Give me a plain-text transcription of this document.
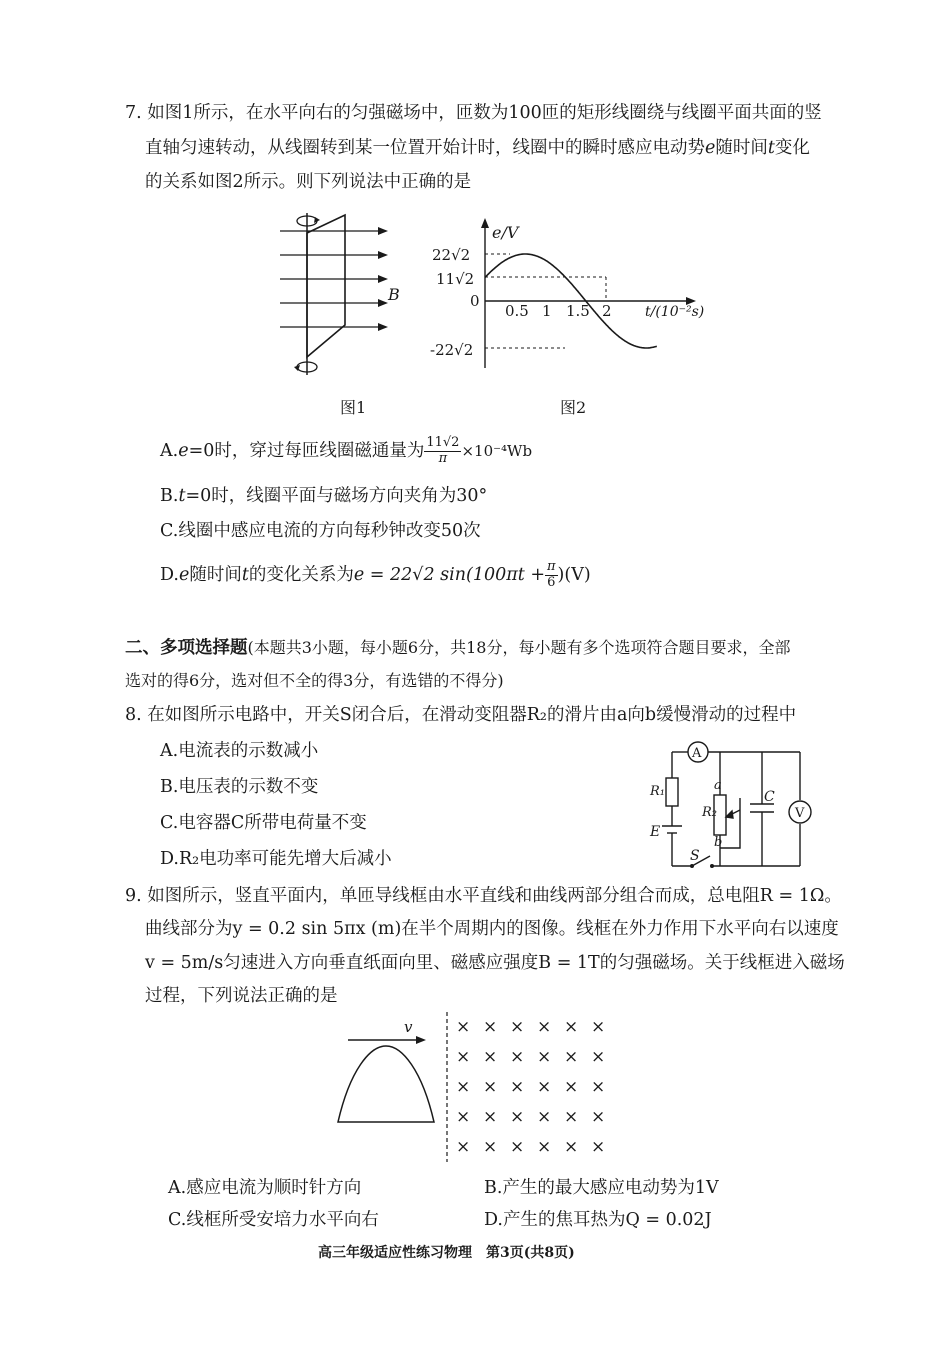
7. 如图1所示，在水平向右的匀强磁场中，匝数为100匝的矩形线圈绕与线圈平面共面的竖
直轴匀速转动，从线圈转到某一位置开始计时，线圈中的瞬时感应电动势e随时间t变化
的关系如图2所示。则下列说法中正确的是
B
图1
22√2
11√2
0
-22√2
0.5 1 1.5 2
e/V
t/(10⁻²s)
图2
A.e=0时，穿过每匝线圈磁通量为 $\frac{11√2}{\pi} \times 10^{-4}Wb$
B.t=0时，线圈平面与磁场方向夹角为30°
C.线圈中感应电流的方向每秒钟改变50次
D.e随时间t的变化关系为e = 22√2 $\sin(100\pi t + \frac{\pi}{6} )(V)$
二、多项选择题(本题共3小题，每小题6分，共18分，每小题有多个选项符合题目要求，全部
选对的得6分，选对但不全的得3分，有选错的不得分)
8. 在如图所示电路中，开关S闭合后，在滑动变阻器R₂的滑片由a向b缓慢滑动的过程中
A.电流表的示数减小
B.电压表的示数不变
C.电容器C所带电荷量不变
D.R₂电功率可能先增大后减小
A
V
R₁
R₂
C
E
S
a
b
9. 如图所示，竖直平面内，单匝导线框由水平直线和曲线两部分组合而成，总电阻R = 1Ω。
曲线部分为y = 0.2 sin 5πx (m)在半个周期内的图像。线框在外力作用下水平向右以速度
v = 5m/s匀速进入方向垂直纸面向里、磁感应强度B = 1T的匀强磁场。关于线框进入磁场
过程，下列说法正确的是
v	× × × × × ×
× × × × × ×
× × × × × ×
× × × × × ×
× × × × × ×
A.感应电流为顺时针方向	B.产生的最大感应电动势为1V
C.线框所受安培力水平向右	D.产生的焦耳热为Q = 0.02J
高三年级适应性练习物理　第3页(共8页)
